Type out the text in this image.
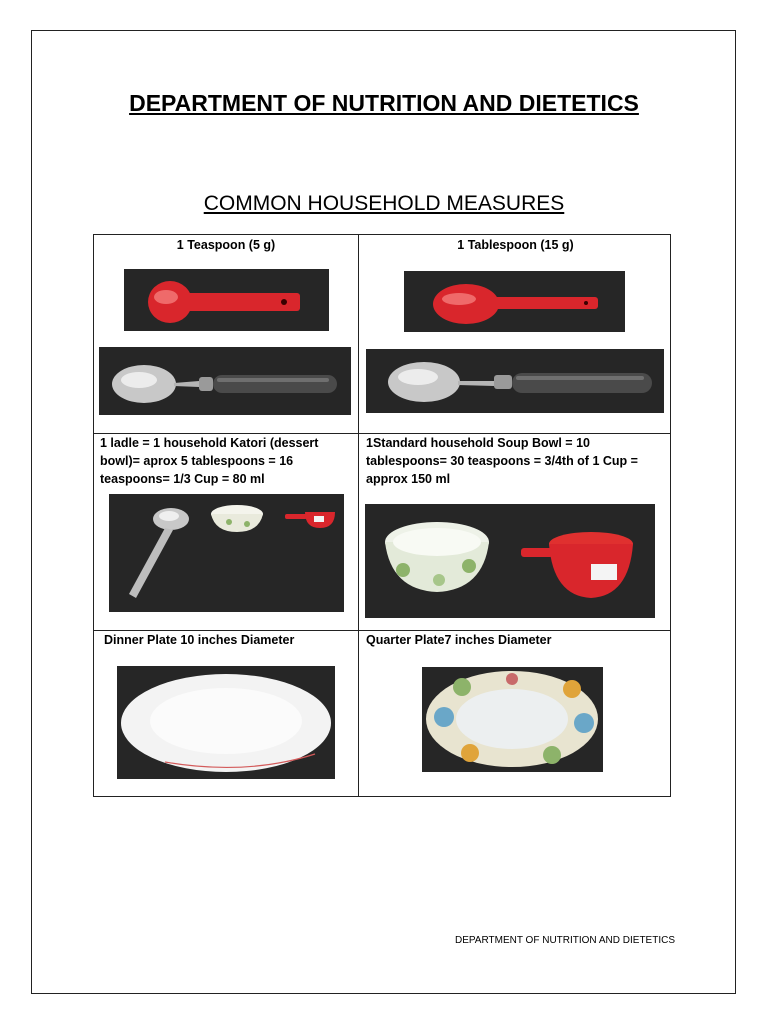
DEPARTMENT OF NUTRITION AND DIETETICS
COMMON HOUSEHOLD MEASURES
1 Teaspoon (5 g)	1 Tablespoon (15 g)
1 ladle = 1 household Katori (dessert bowl)= aprox 5 tablespoons = 16 teaspoons= 1/3 Cup = 80 ml
1Standard household Soup Bowl = 10 tablespoons= 30 teaspoons = 3/4th of 1 Cup = approx 150 ml
Dinner Plate 10 inches Diameter	Quarter Plate7 inches Diameter
DEPARTMENT OF NUTRITION AND DIETETICS
